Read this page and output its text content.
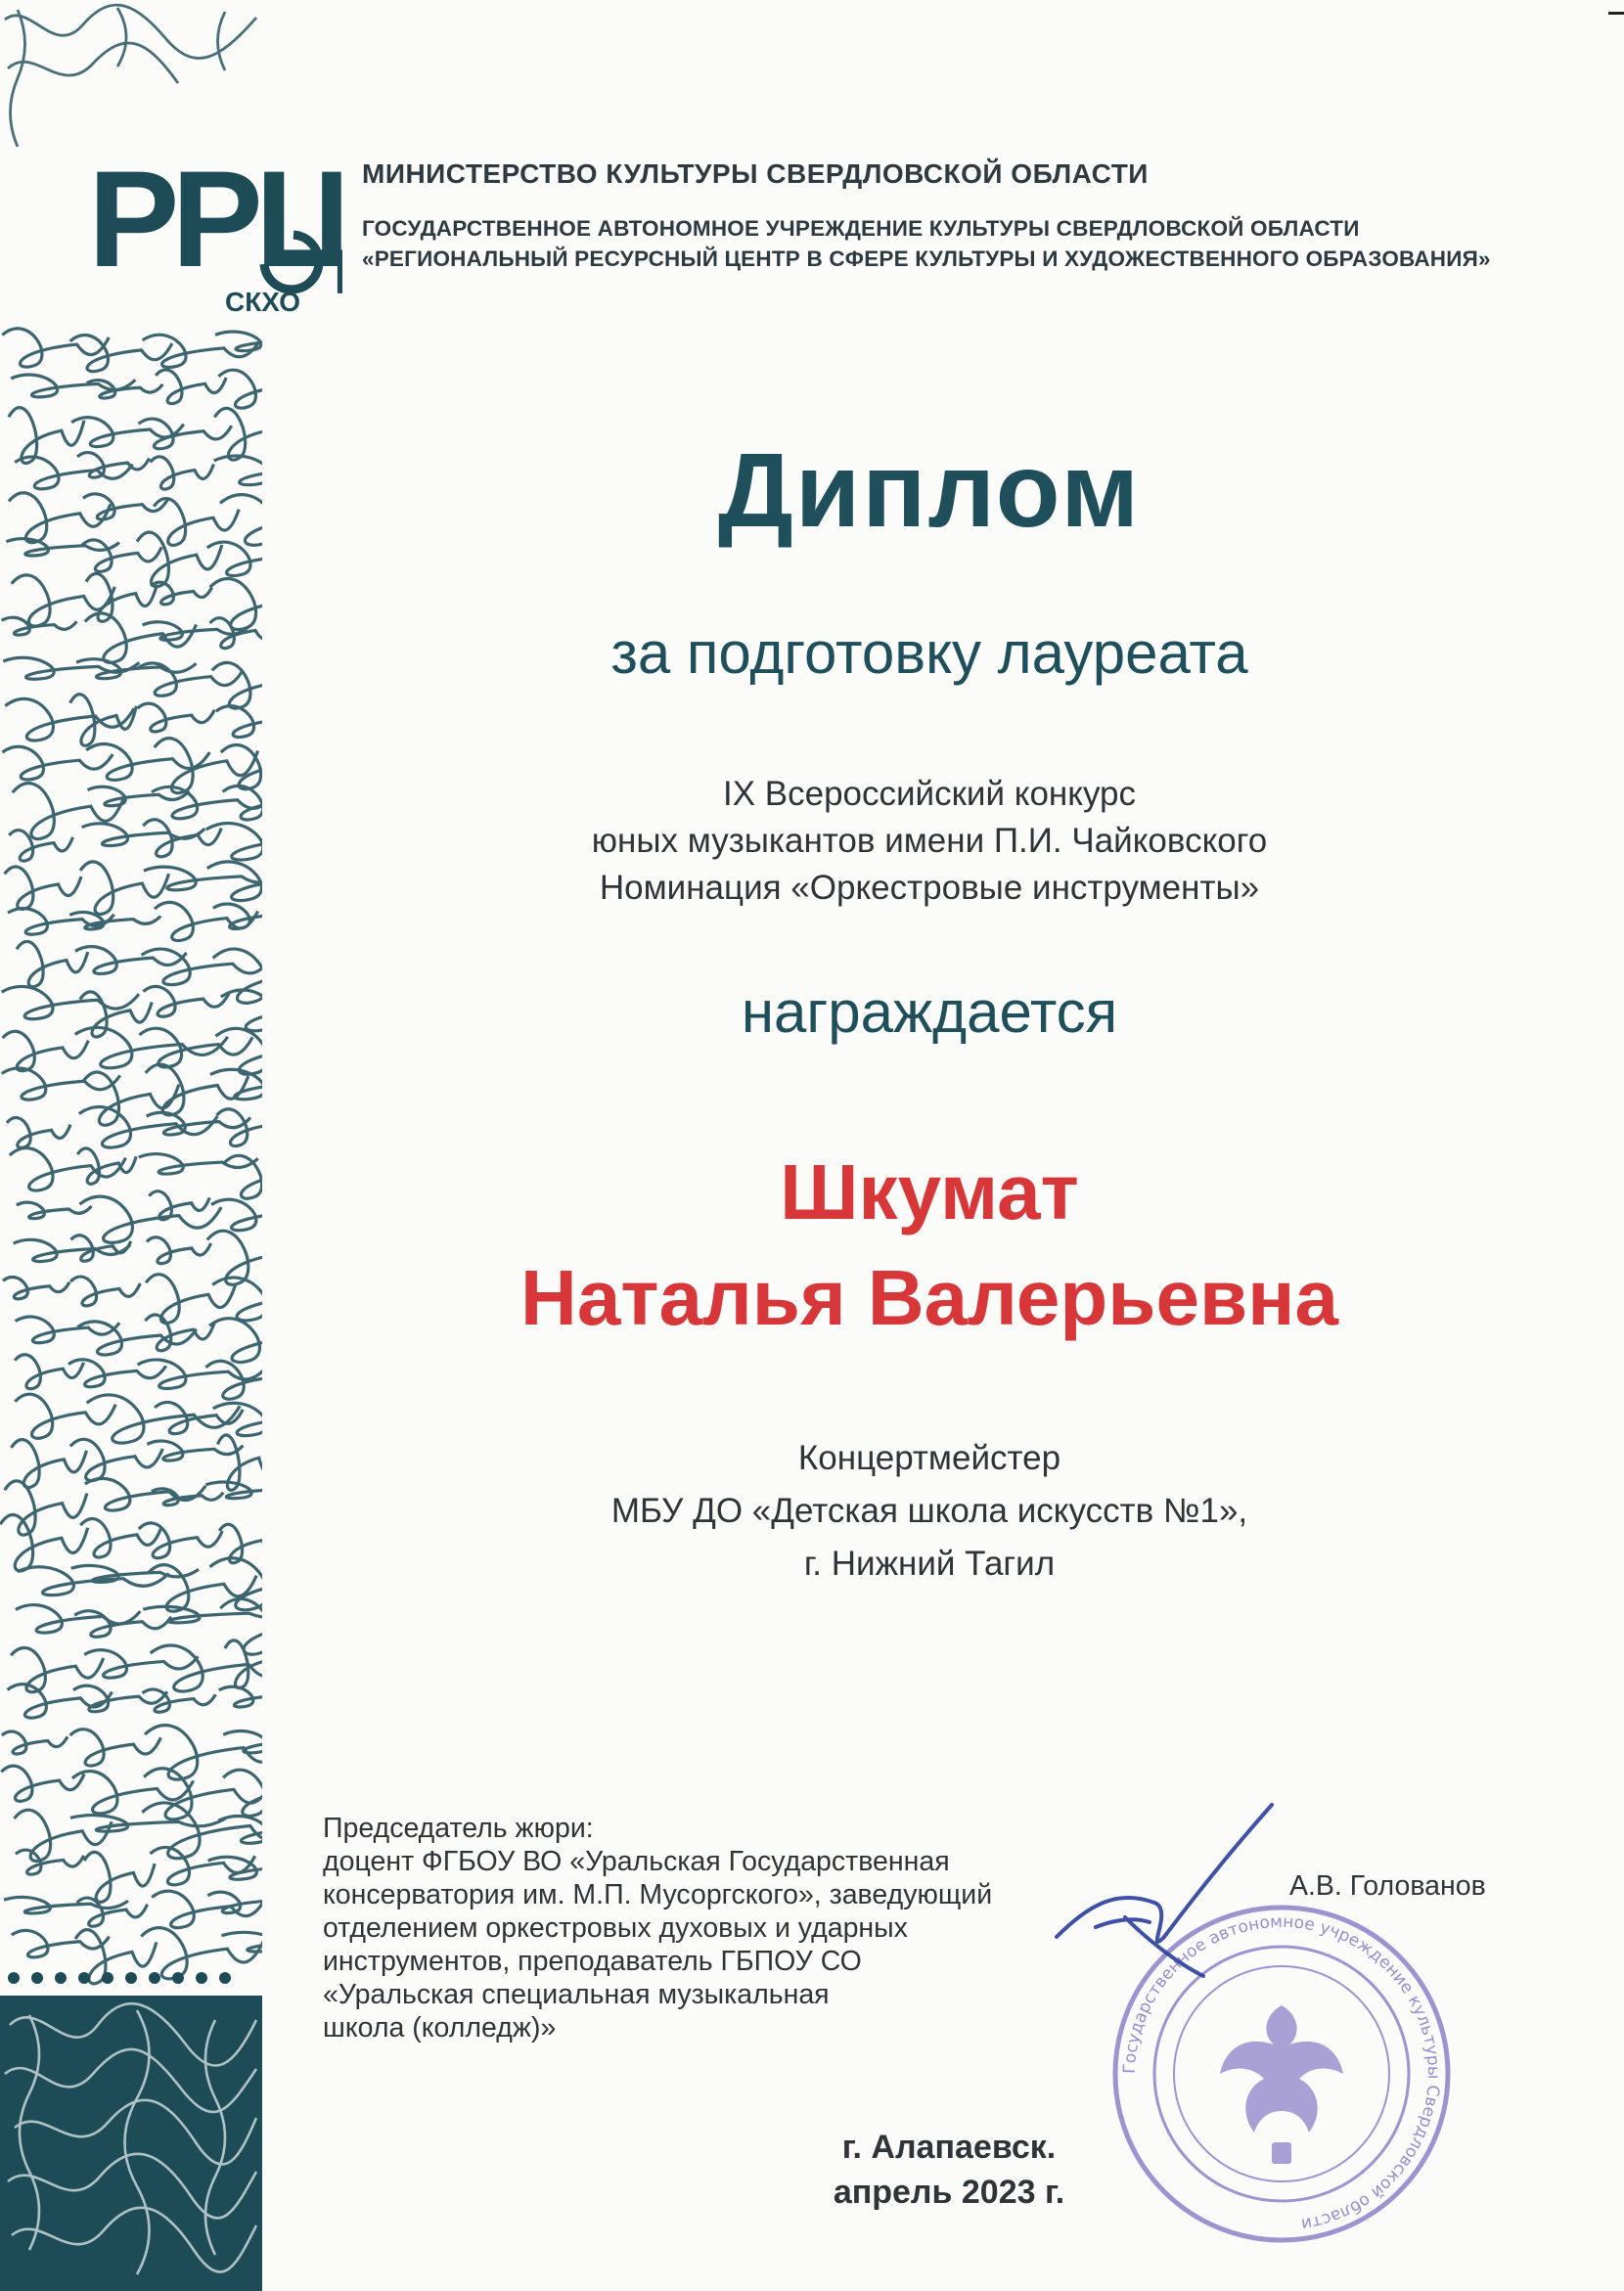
РРЦ
СКХО
МИНИСТЕРСТВО КУЛЬТУРЫ СВЕРДЛОВСКОЙ ОБЛАСТИ
ГОСУДАРСТВЕННОЕ АВТОНОМНОЕ УЧРЕЖДЕНИЕ КУЛЬТУРЫ СВЕРДЛОВСКОЙ ОБЛАСТИ
«РЕГИОНАЛЬНЫЙ РЕСУРСНЫЙ ЦЕНТР В СФЕРЕ КУЛЬТУРЫ И ХУДОЖЕСТВЕННОГО ОБРАЗОВАНИЯ»
Диплом
за подготовку лауреата
IX Всероссийский конкурс
юных музыкантов имени П.И. Чайковского
Номинация «Оркестровые инструменты»
награждается
Шкумат
Наталья Валерьевна
Концертмейстер
МБУ ДО «Детская школа искусств №1»,
г. Нижний Тагил
Председатель жюри:
доцент ФГБОУ ВО «Уральская Государственная
консерватория им. М.П. Мусоргского», заведующий
отделением оркестровых духовых и ударных
инструментов, преподаватель ГБПОУ СО
«Уральская специальная музыкальная
школа (колледж)»
Государственное автономное учреждение культуры Свердловской области
А.В. Голованов
г. Алапаевск.
апрель 2023 г.
